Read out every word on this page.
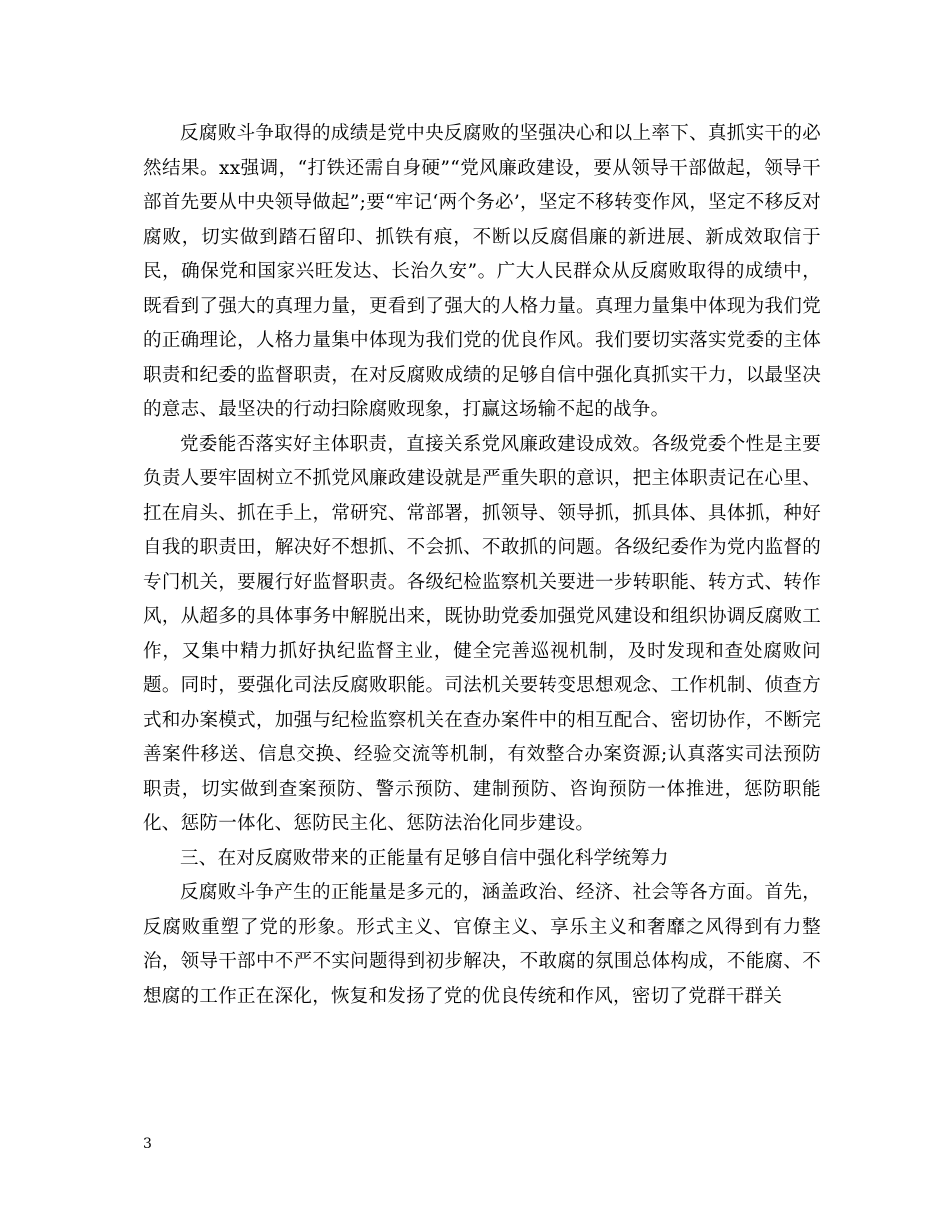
反腐败斗争取得的成绩是党中央反腐败的坚强决心和以上率下、真抓实干的必然结果。xx强调，“打铁还需自身硬”“党风廉政建设，要从领导干部做起，领导干部首先要从中央领导做起”;要“牢记‘两个务必’，坚定不移转变作风，坚定不移反对腐败，切实做到踏石留印、抓铁有痕，不断以反腐倡廉的新进展、新成效取信于民，确保党和国家兴旺发达、长治久安”。广大人民群众从反腐败取得的成绩中，既看到了强大的真理力量，更看到了强大的人格力量。真理力量集中体现为我们党的正确理论，人格力量集中体现为我们党的优良作风。我们要切实落实党委的主体职责和纪委的监督职责，在对反腐败成绩的足够自信中强化真抓实干力，以最坚决的意志、最坚决的行动扫除腐败现象，打赢这场输不起的战争。

党委能否落实好主体职责，直接关系党风廉政建设成效。各级党委个性是主要负责人要牢固树立不抓党风廉政建设就是严重失职的意识，把主体职责记在心里、扛在肩头、抓在手上，常研究、常部署，抓领导、领导抓，抓具体、具体抓，种好自我的职责田，解决好不想抓、不会抓、不敢抓的问题。各级纪委作为党内监督的专门机关，要履行好监督职责。各级纪检监察机关要进一步转职能、转方式、转作风，从超多的具体事务中解脱出来，既协助党委加强党风建设和组织协调反腐败工作，又集中精力抓好执纪监督主业，健全完善巡视机制，及时发现和查处腐败问题。同时，要强化司法反腐败职能。司法机关要转变思想观念、工作机制、侦查方式和办案模式，加强与纪检监察机关在查办案件中的相互配合、密切协作，不断完善案件移送、信息交换、经验交流等机制，有效整合办案资源;认真落实司法预防职责，切实做到查案预防、警示预防、建制预防、咨询预防一体推进，惩防职能化、惩防一体化、惩防民主化、惩防法治化同步建设。

三、在对反腐败带来的正能量有足够自信中强化科学统筹力

反腐败斗争产生的正能量是多元的，涵盖政治、经济、社会等各方面。首先，反腐败重塑了党的形象。形式主义、官僚主义、享乐主义和奢靡之风得到有力整治，领导干部中不严不实问题得到初步解决，不敢腐的氛围总体构成，不能腐、不想腐的工作正在深化，恢复和发扬了党的优良传统和作风，密切了党群干群关

3
